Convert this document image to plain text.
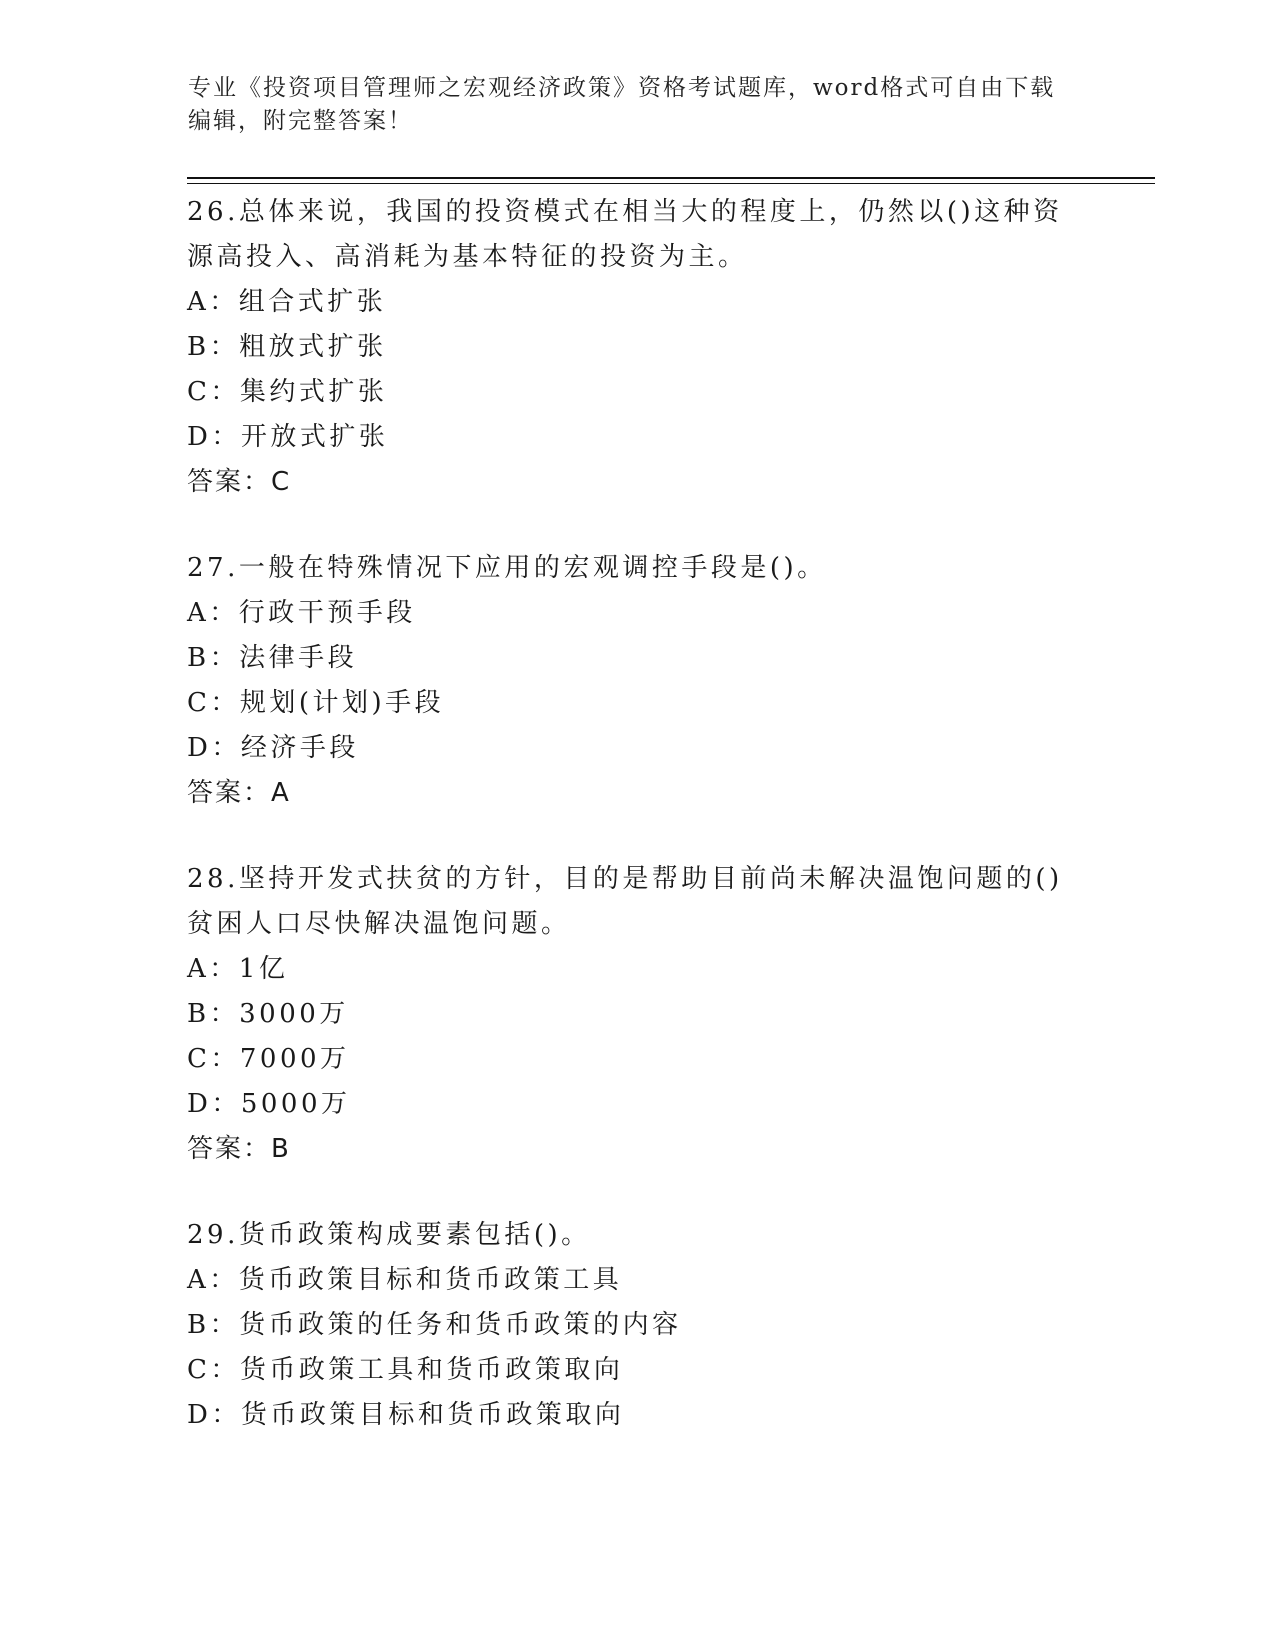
专业《投资项目管理师之宏观经济政策》资格考试题库，word格式可自由下载编辑，附完整答案！

26.总体来说，我国的投资模式在相当大的程度上，仍然以()这种资源高投入、高消耗为基本特征的投资为主。

A：组合式扩张

B：粗放式扩张

C：集约式扩张

D：开放式扩张

答案：C

27.一般在特殊情况下应用的宏观调控手段是()。

A：行政干预手段

B：法律手段

C：规划(计划)手段

D：经济手段

答案：A

28.坚持开发式扶贫的方针，目的是帮助目前尚未解决温饱问题的()贫困人口尽快解决温饱问题。

A：1亿

B：3000万

C：7000万

D：5000万

答案：B

29.货币政策构成要素包括()。

A：货币政策目标和货币政策工具

B：货币政策的任务和货币政策的内容

C：货币政策工具和货币政策取向

D：货币政策目标和货币政策取向
